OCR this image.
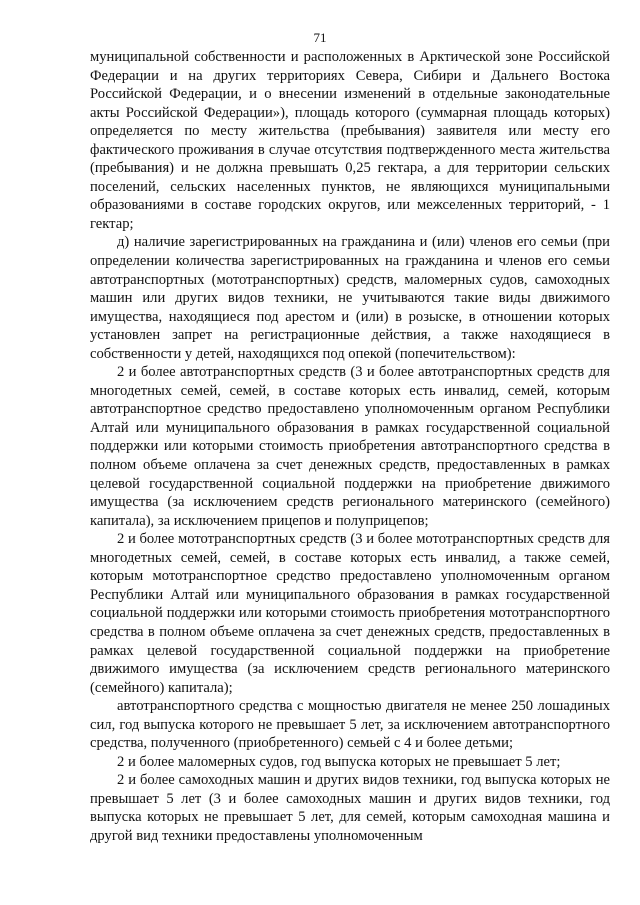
71

муниципальной собственности и расположенных в Арктической зоне Российской Федерации и на других территориях Севера, Сибири и Дальнего Востока Российской Федерации, и о внесении изменений в отдельные законодательные акты Российской Федерации»), площадь которого (суммарная площадь которых) определяется по месту жительства (пребывания) заявителя или месту его фактического проживания в случае отсутствия подтвержденного места жительства (пребывания) и не должна превышать 0,25 гектара, а для территории сельских поселений, сельских населенных пунктов, не являющихся муниципальными образованиями в составе городских округов, или межселенных территорий, - 1 гектар;

д) наличие зарегистрированных на гражданина и (или) членов его семьи (при определении количества зарегистрированных на гражданина и членов его семьи автотранспортных (мототранспортных) средств, маломерных судов, самоходных машин или других видов техники, не учитываются такие виды движимого имущества, находящиеся под арестом и (или) в розыске, в отношении которых установлен запрет на регистрационные действия, а также находящиеся в собственности у детей, находящихся под опекой (попечительством):

2 и более автотранспортных средств (3 и более автотранспортных средств для многодетных семей, семей, в составе которых есть инвалид, семей, которым автотранспортное средство предоставлено уполномоченным органом Республики Алтай или муниципального образования в рамках государственной социальной поддержки или которыми стоимость приобретения автотранспортного средства в полном объеме оплачена за счет денежных средств, предоставленных в рамках целевой государственной социальной поддержки на приобретение движимого имущества (за исключением средств регионального материнского (семейного) капитала), за исключением прицепов и полуприцепов;

2 и более мототранспортных средств (3 и более мототранспортных средств для многодетных семей, семей, в составе которых есть инвалид, а также семей, которым мототранспортное средство предоставлено уполномоченным органом Республики Алтай или муниципального образования в рамках государственной социальной поддержки или которыми стоимость приобретения мототранспортного средства в полном объеме оплачена за счет денежных средств, предоставленных в рамках целевой государственной социальной поддержки на приобретение движимого имущества (за исключением средств регионального материнского (семейного) капитала);

автотранспортного средства с мощностью двигателя не менее 250 лошадиных сил, год выпуска которого не превышает 5 лет, за исключением автотранспортного средства, полученного (приобретенного) семьей с 4 и более детьми;

2 и более маломерных судов, год выпуска которых не превышает 5 лет;

2 и более самоходных машин и других видов техники, год выпуска которых не превышает 5 лет (3 и более самоходных машин и других видов техники, год выпуска которых не превышает 5 лет, для семей, которым самоходная машина и другой вид техники предоставлены уполномоченным
